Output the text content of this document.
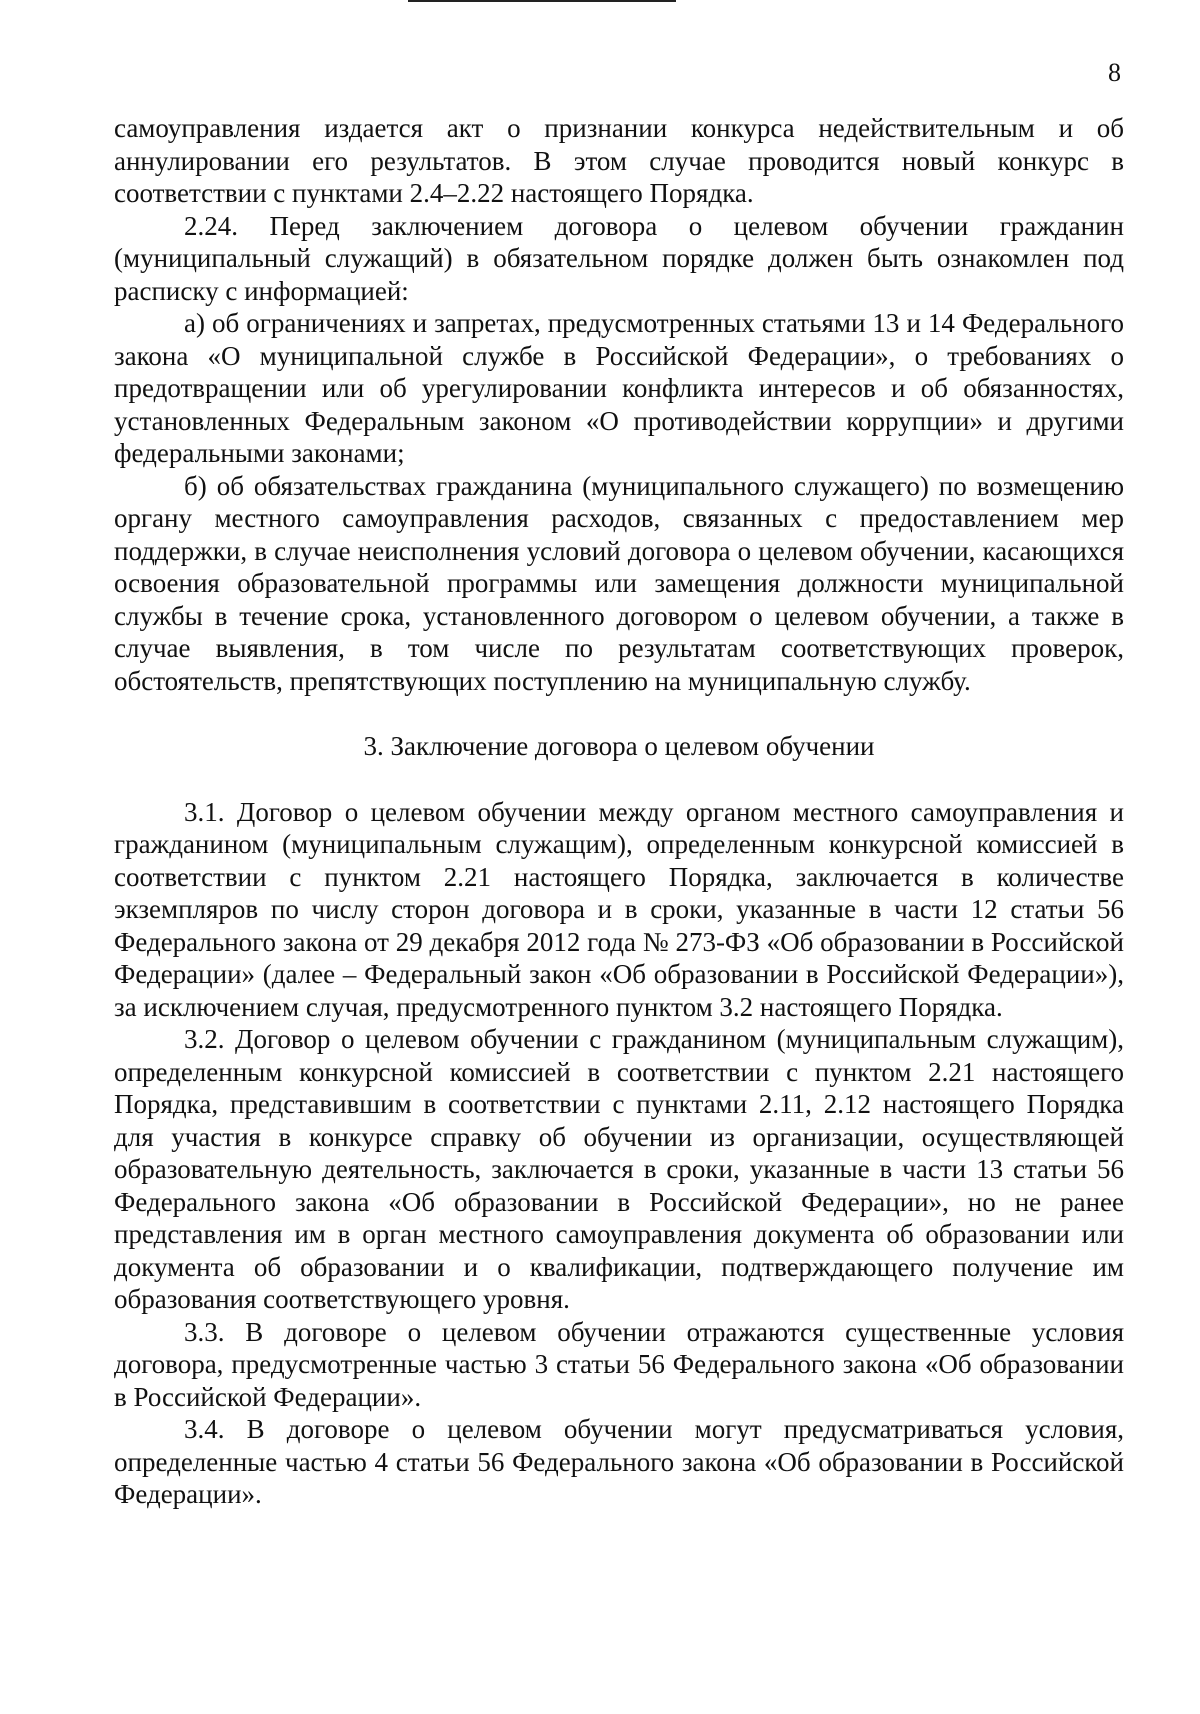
8

самоуправления издается акт о признании конкурса недействительным и об аннулировании его результатов. В этом случае проводится новый конкурс в соответствии с пунктами 2.4–2.22 настоящего Порядка.

2.24. Перед заключением договора о целевом обучении гражданин (муниципальный служащий) в обязательном порядке должен быть ознакомлен под расписку с информацией:

а) об ограничениях и запретах, предусмотренных статьями 13 и 14 Федерального закона «О муниципальной службе в Российской Федерации», о требованиях о предотвращении или об урегулировании конфликта интересов и об обязанностях, установленных Федеральным законом «О противодействии коррупции» и другими федеральными законами;

б) об обязательствах гражданина (муниципального служащего) по возмещению органу местного самоуправления расходов, связанных с предоставлением мер поддержки, в случае неисполнения условий договора о целевом обучении, касающихся освоения образовательной программы или замещения должности муниципальной службы в течение срока, установленного договором о целевом обучении, а также в случае выявления, в том числе по результатам соответствующих проверок, обстоятельств, препятствующих поступлению на муниципальную службу.

3. Заключение договора о целевом обучении

3.1. Договор о целевом обучении между органом местного самоуправления и гражданином (муниципальным служащим), определенным конкурсной комиссией в соответствии с пунктом 2.21 настоящего Порядка, заключается в количестве экземпляров по числу сторон договора и в сроки, указанные в части 12 статьи 56 Федерального закона от 29 декабря 2012 года № 273-ФЗ «Об образовании в Российской Федерации» (далее – Федеральный закон «Об образовании в Российской Федерации»), за исключением случая, предусмотренного пунктом 3.2 настоящего Порядка.

3.2. Договор о целевом обучении с гражданином (муниципальным служащим), определенным конкурсной комиссией в соответствии с пунктом 2.21 настоящего Порядка, представившим в соответствии с пунктами 2.11, 2.12 настоящего Порядка для участия в конкурсе справку об обучении из организации, осуществляющей образовательную деятельность, заключается в сроки, указанные в части 13 статьи 56 Федерального закона «Об образовании в Российской Федерации», но не ранее представления им в орган местного самоуправления документа об образовании или документа об образовании и о квалификации, подтверждающего получение им образования соответствующего уровня.

3.3. В договоре о целевом обучении отражаются существенные условия договора, предусмотренные частью 3 статьи 56 Федерального закона «Об образовании в Российской Федерации».

3.4. В договоре о целевом обучении могут предусматриваться условия, определенные частью 4 статьи 56 Федерального закона «Об образовании в Российской Федерации».
